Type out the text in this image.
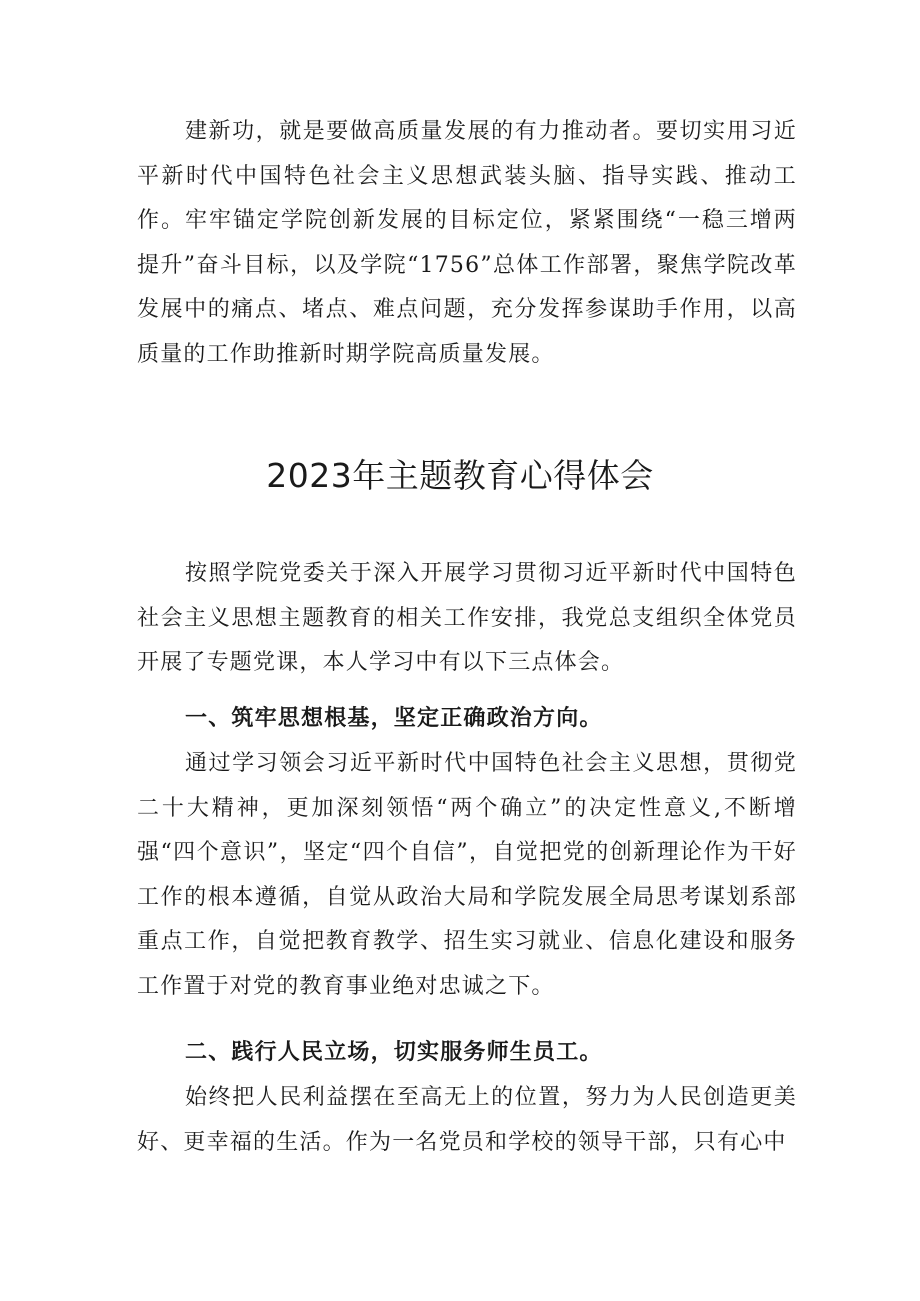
建新功，就是要做高质量发展的有力推动者。要切实用习近平新时代中国特色社会主义思想武装头脑、指导实践、推动工作。牢牢锚定学院创新发展的目标定位，紧紧围绕“一稳三增两提升”奋斗目标，以及学院“1756”总体工作部署，聚焦学院改革发展中的痛点、堵点、难点问题，充分发挥参谋助手作用，以高质量的工作助推新时期学院高质量发展。

2023年主题教育心得体会

按照学院党委关于深入开展学习贯彻习近平新时代中国特色社会主义思想主题教育的相关工作安排，我党总支组织全体党员开展了专题党课，本人学习中有以下三点体会。

一、筑牢思想根基，坚定正确政治方向。

通过学习领会习近平新时代中国特色社会主义思想，贯彻党二十大精神，更加深刻领悟“两个确立”的决定性意义,不断增强“四个意识”，坚定“四个自信”，自觉把党的创新理论作为干好工作的根本遵循，自觉从政治大局和学院发展全局思考谋划系部重点工作，自觉把教育教学、招生实习就业、信息化建设和服务工作置于对党的教育事业绝对忠诚之下。

二、践行人民立场，切实服务师生员工。

始终把人民利益摆在至高无上的位置，努力为人民创造更美好、更幸福的生活。作为一名党员和学校的领导干部，只有心中
